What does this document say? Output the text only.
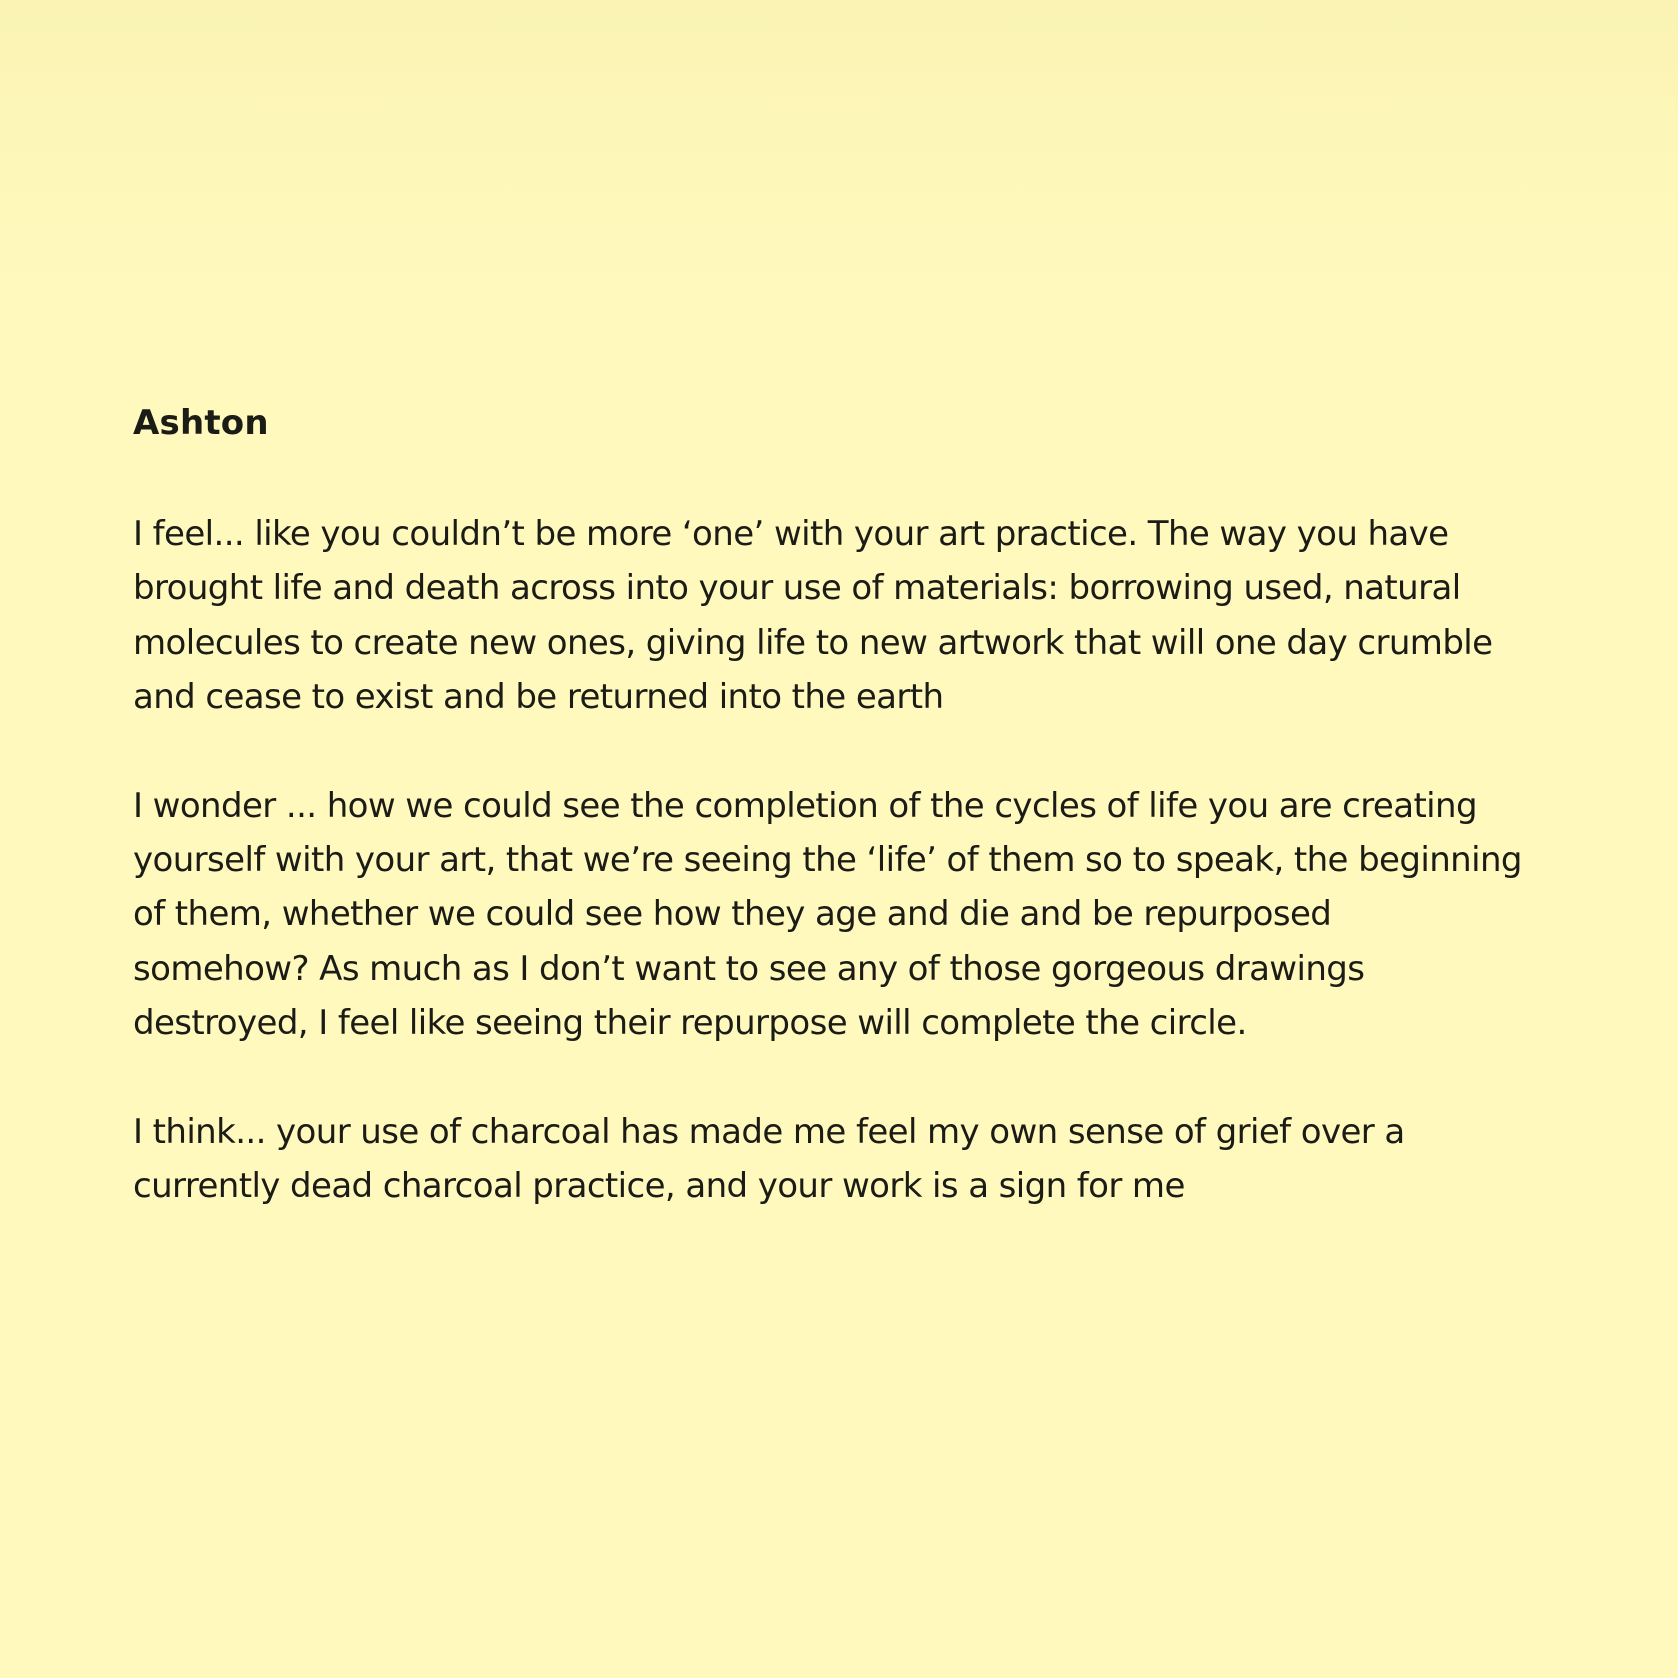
Ashton
I feel... like you couldn’t be more ‘one’ with your art practice. The way you have
brought life and death across into your use of materials: borrowing used, natural
molecules to create new ones, giving life to new artwork that will one day crumble
and cease to exist and be returned into the earth
I wonder ... how we could see the completion of the cycles of life you are creating
yourself with your art, that we’re seeing the ‘life’ of them so to speak, the beginning
of them, whether we could see how they age and die and be repurposed
somehow? As much as I don’t want to see any of those gorgeous drawings
destroyed, I feel like seeing their repurpose will complete the circle.
I think... your use of charcoal has made me feel my own sense of grief over a
currently dead charcoal practice, and your work is a sign for me
